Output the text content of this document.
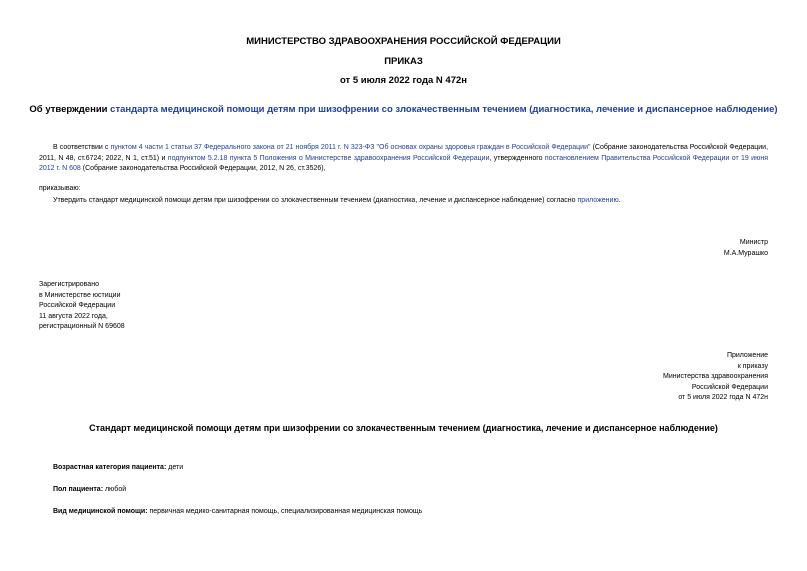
МИНИСТЕРСТВО ЗДРАВООХРАНЕНИЯ РОССИЙСКОЙ ФЕДЕРАЦИИ
ПРИКАЗ
от 5 июля 2022 года N 472н
Об утверждении стандарта медицинской помощи детям при шизофрении со злокачественным течением (диагностика, лечение и диспансерное наблюдение)
В соответствии с пунктом 4 части 1 статьи 37 Федерального закона от 21 ноября 2011 г. N 323-ФЗ "Об основах охраны здоровья граждан в Российской Федерации" (Собрание законодательства Российской Федерации, 2011, N 48, ст.6724; 2022, N 1, ст.51) и подпунктом 5.2.18 пункта 5 Положения о Министерстве здравоохранения Российской Федерации, утвержденного постановлением Правительства Российской Федерации от 19 июня 2012 г. N 608 (Собрание законодательства Российской Федерации, 2012, N 26, ст.3526),
приказываю:
Утвердить стандарт медицинской помощи детям при шизофрении со злокачественным течением (диагностика, лечение и диспансерное наблюдение) согласно приложению.
Министр
М.А.Мурашко
Зарегистрировано
в Министерстве юстиции
Российской Федерации
11 августа 2022 года,
регистрационный N 69608
Приложение
к приказу
Министерства здравоохранения
Российской Федерации
от 5 июля 2022 года N 472н
Стандарт медицинской помощи детям при шизофрении со злокачественным течением (диагностика, лечение и диспансерное наблюдение)
Возрастная категория пациента: дети
Пол пациента: любой
Вид медицинской помощи: первичная медико-санитарная помощь, специализированная медицинская помощь
